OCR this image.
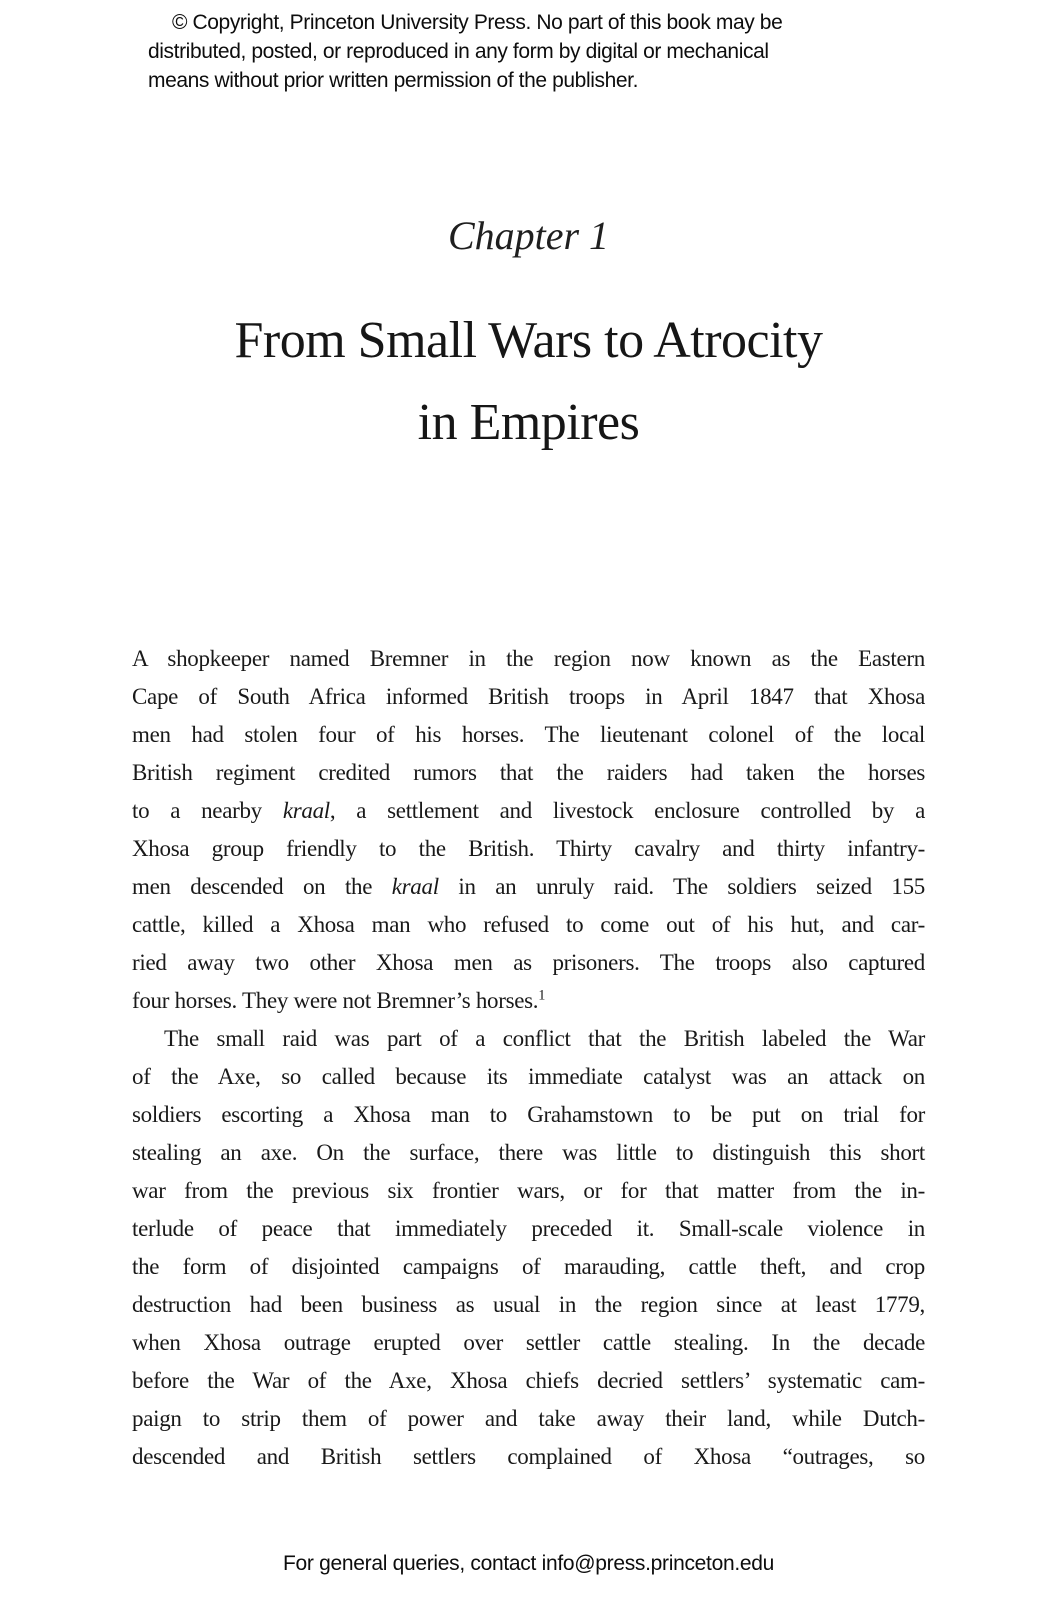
© Copyright, Princeton University Press. No part of this book may be
distributed, posted, or reproduced in any form by digital or mechanical
means without prior written permission of the publisher.
Chapter 1
From Small Wars to Atrocity
in Empires
A shopkeeper named Bremner in the region now known as the Eastern
Cape of South Africa informed British troops in April 1847 that Xhosa
men had stolen four of his horses. The lieutenant colonel of the local
British regiment credited rumors that the raiders had taken the horses
to a nearby kraal, a settlement and livestock enclosure controlled by a
Xhosa group friendly to the British. Thirty cavalry and thirty infantry-
men descended on the kraal in an unruly raid. The soldiers seized 155
cattle, killed a Xhosa man who refused to come out of his hut, and car-
ried away two other Xhosa men as prisoners. The troops also captured
four horses. They were not Bremner’s horses.$^1$
The small raid was part of a conflict that the British labeled the War
of the Axe, so called because its immediate catalyst was an attack on
soldiers escorting a Xhosa man to Grahamstown to be put on trial for
stealing an axe. On the surface, there was little to distinguish this short
war from the previous six frontier wars, or for that matter from the in-
terlude of peace that immediately preceded it. Small-scale violence in
the form of disjointed campaigns of marauding, cattle theft, and crop
destruction had been business as usual in the region since at least 1779,
when Xhosa outrage erupted over settler cattle stealing. In the decade
before the War of the Axe, Xhosa chiefs decried settlers’ systematic cam-
paign to strip them of power and take away their land, while Dutch-
descended and British settlers complained of Xhosa “outrages, so
For general queries, contact info@press.princeton.edu
